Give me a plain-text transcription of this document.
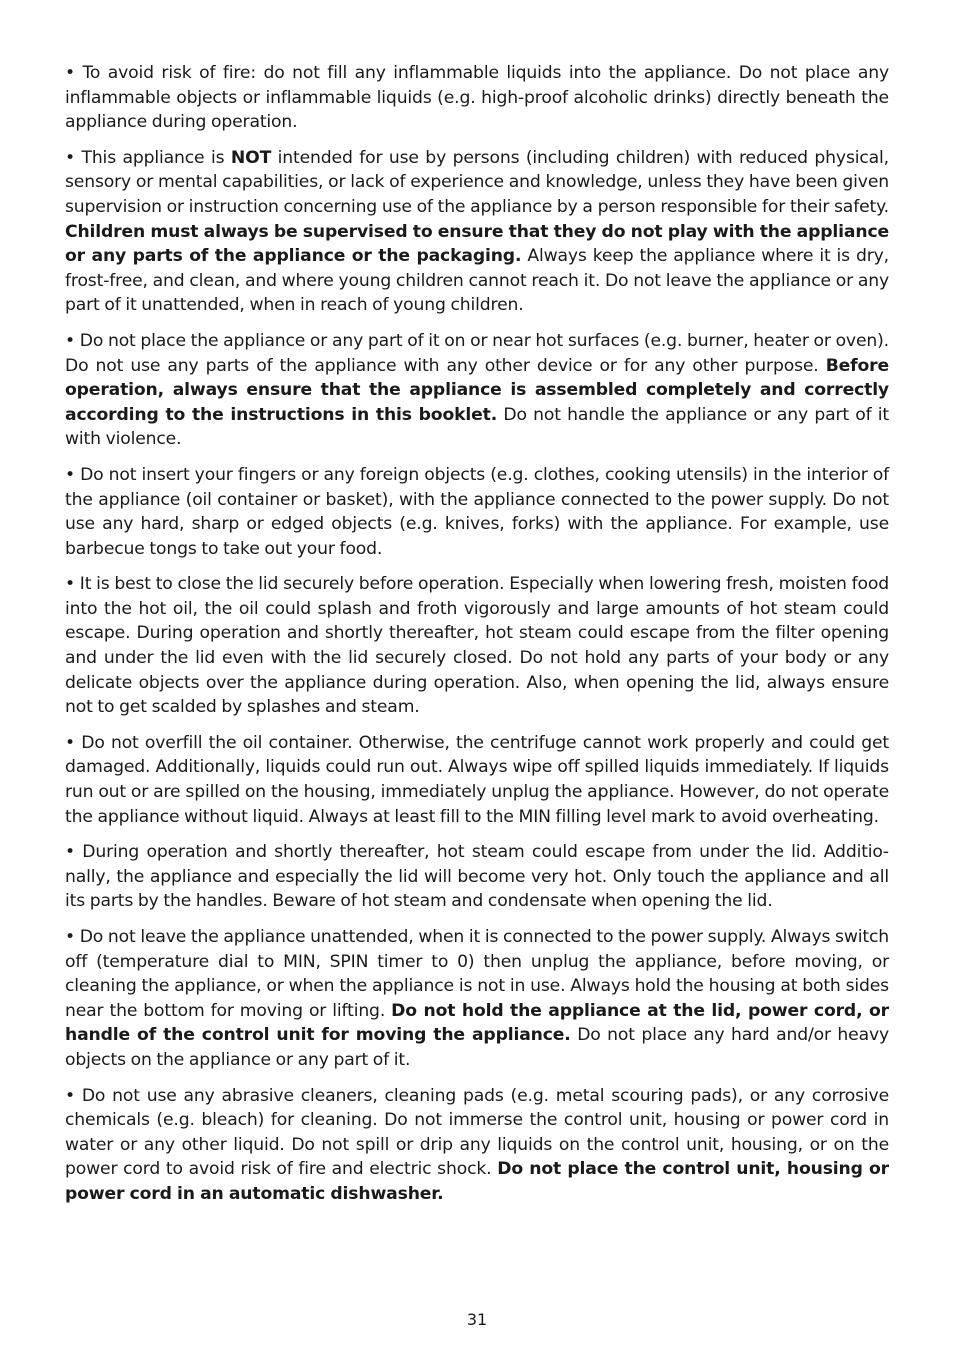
• To avoid risk of fire: do not fill any inflammable liquids into the appliance. Do not place any inflammable objects or inflammable liquids (e.g. high-proof alcoholic drinks) directly beneath the appliance during operation.

• This appliance is NOT intended for use by persons (including children) with reduced physical, sensory or mental capabilities, or lack of experience and knowledge, unless they have been given supervision or instruction concerning use of the appliance by a person responsible for their safety. Children must always be supervised to ensure that they do not play with the appliance or any parts of the appliance or the packaging. Always keep the appliance where it is dry, frost-free, and clean, and where young children cannot reach it. Do not leave the appliance or any part of it unattended, when in reach of young children.

• Do not place the appliance or any part of it on or near hot surfaces (e.g. burner, heater or oven). Do not use any parts of the appliance with any other device or for any other purpose. Before operation, always ensure that the appliance is assembled completely and correctly according to the instructions in this booklet. Do not handle the appliance or any part of it with violence.

• Do not insert your fingers or any foreign objects (e.g. clothes, cooking utensils) in the interior of the appliance (oil container or basket), with the appliance connected to the power supply. Do not use any hard, sharp or edged objects (e.g. knives, forks) with the appliance. For example, use barbecue tongs to take out your food.

• It is best to close the lid securely before operation. Especially when lowering fresh, moisten food into the hot oil, the oil could splash and froth vigorously and large amounts of hot steam could escape. During operation and shortly thereafter, hot steam could escape from the filter opening and under the lid even with the lid securely closed. Do not hold any parts of your body or any delicate objects over the appliance during operation. Also, when opening the lid, always ensure not to get scalded by splashes and steam.

• Do not overfill the oil container. Otherwise, the centrifuge cannot work properly and could get damaged. Additionally, liquids could run out. Always wipe off spilled liquids immediately. If liquids run out or are spilled on the housing, immediately unplug the appliance. However, do not operate the appliance without liquid. Always at least fill to the MIN filling level mark to avoid overheating.

• During operation and shortly thereafter, hot steam could escape from under the lid. Additionally, the appliance and especially the lid will become very hot. Only touch the appliance and all its parts by the handles. Beware of hot steam and condensate when opening the lid.

• Do not leave the appliance unattended, when it is connected to the power supply. Always switch off (temperature dial to MIN, SPIN timer to 0) then unplug the appliance, before moving, or cleaning the appliance, or when the appliance is not in use. Always hold the housing at both sides near the bottom for moving or lifting. Do not hold the appliance at the lid, power cord, or handle of the control unit for moving the appliance. Do not place any hard and/or heavy objects on the appliance or any part of it.

• Do not use any abrasive cleaners, cleaning pads (e.g. metal scouring pads), or any corrosive chemicals (e.g. bleach) for cleaning. Do not immerse the control unit, housing or power cord in water or any other liquid. Do not spill or drip any liquids on the control unit, housing, or on the power cord to avoid risk of fire and electric shock. Do not place the control unit, housing or power cord in an automatic dishwasher.

31
